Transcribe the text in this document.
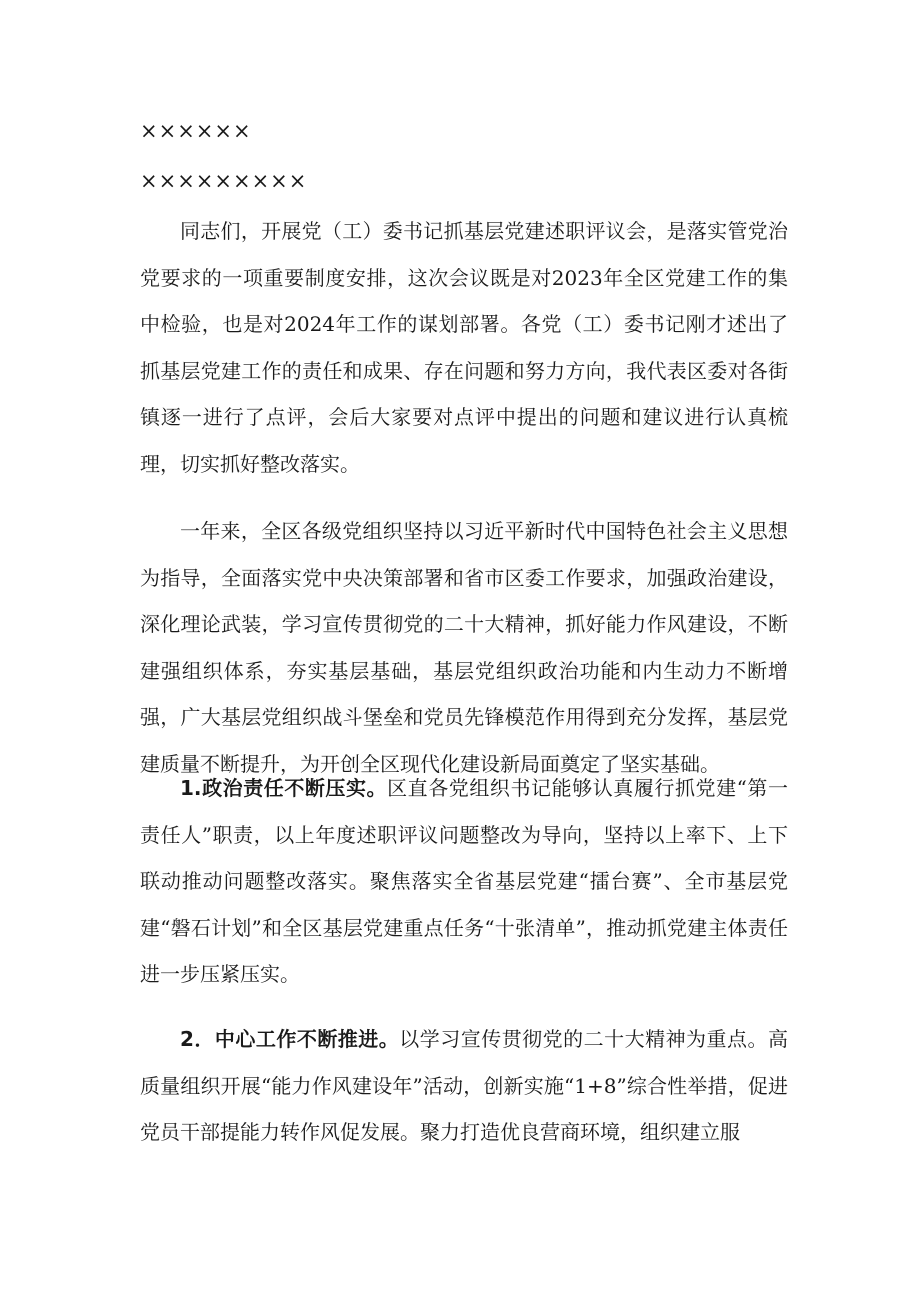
××××××
×××××××××

同志们，开展党（工）委书记抓基层党建述职评议会，是落实管党治党要求的一项重要制度安排，这次会议既是对2023年全区党建工作的集中检验，也是对2024年工作的谋划部署。各党（工）委书记刚才述出了抓基层党建工作的责任和成果、存在问题和努力方向，我代表区委对各街镇逐一进行了点评，会后大家要对点评中提出的问题和建议进行认真梳理，切实抓好整改落实。

一年来，全区各级党组织坚持以习近平新时代中国特色社会主义思想为指导，全面落实党中央决策部署和省市区委工作要求，加强政治建设，深化理论武装，学习宣传贯彻党的二十大精神，抓好能力作风建设，不断建强组织体系，夯实基层基础，基层党组织政治功能和内生动力不断增强，广大基层党组织战斗堡垒和党员先锋模范作用得到充分发挥，基层党建质量不断提升，为开创全区现代化建设新局面奠定了坚实基础。

1.政治责任不断压实。区直各党组织书记能够认真履行抓党建“第一责任人”职责，以上年度述职评议问题整改为导向，坚持以上率下、上下联动推动问题整改落实。聚焦落实全省基层党建“擂台赛”、全市基层党建“磐石计划”和全区基层党建重点任务“十张清单”，推动抓党建主体责任进一步压紧压实。

2．中心工作不断推进。以学习宣传贯彻党的二十大精神为重点。高质量组织开展“能力作风建设年”活动，创新实施“1+8”综合性举措，促进党员干部提能力转作风促发展。聚力打造优良营商环境，组织建立服
